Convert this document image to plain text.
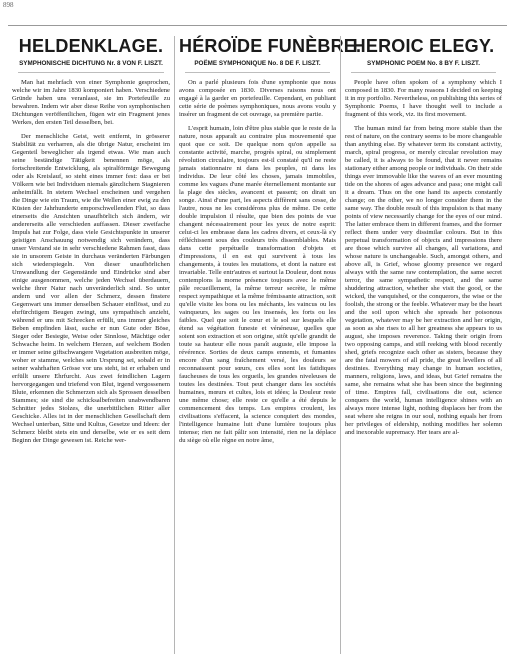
898
HELDENKLAGE.
SYMPHONISCHE DICHTUNG Nr. 8 VON F. LISZT.

Man hat mehrfach von einer Symphonie gesprochen, welche wir im Jahre 1830 komponiert haben. Verschiedene Gründe haben uns veranlasst, sie im Portefeuille zu bewahren. Indem wir aber diese Reihe von symphonischen Dichtungen veröffentlichen, fügen wir ein Fragment jenes Werkes, den ersten Teil desselben, bei.

Der menschliche Geist, weit entfernt, in grösserer Stabilität zu verharren, als die übrige Natur, erscheint im Gegenteil beweglicher als irgend etwas. Wie man auch seine beständige Tätigkeit benennen möge, als fortschreitende Entwicklung, als spiralförmige Bewegung oder als Kreislauf, so steht eines immer fest: dass er bei Völkern wie bei Individuen niemals gänzlichem Stagnieren anheimfällt. In stetem Wechsel erscheinen und vergehen die Dinge wie ein Traum, wie die Wellen einer ewig zu den Küsten der Jahrhunderte emporschwellenden Flut, so dass einerseits die Ansichten unaufhörlich sich ändern, wir andererseits alle verschieden auffassen. Dieser zweifache Impuls hat zur Folge, dass viele Gesichtspunkte in unserer geistigen Anschauung notwendig sich verändern, dass unser Verstand sie in sehr verschiedene Rahmen fasst, dass sie in unsorem Geiste in durchaus veränderten Färbungen sich wiederspiegeln. Von dieser unaufhörlichen Umwandlung der Gegenstände und Eindrücke sind aber einige ausgenommen, welche jeden Wechsel überdauern, welche ihrer Natur nach unveränderlich sind. So unter andern und vor allen der Schmerz, dessen finstere Gegenwart uns immer denselben Schauer einflösst, und zu ehrfürchtigem Beugen zwingt, uns sympathisch anzieht, während er uns mit Schrecken erfüllt, uns immer gleiches Beben empfinden lässt, suche er nun Gute oder Böse, Sieger oder Besiegte, Weise oder Sinnlose, Mächtige oder Schwache heim. In welchem Herzen, auf welchem Boden er immer seine giftschwangere Vegetation ausbreiten möge, woher er stamme, welches sein Ursprung sei, sobald er in seiner wahrhaften Grösse vor uns steht, ist er erhaben und erfüllt unsere Ehrfurcht. Aus zwei feindlichen Lagern hervorgegangen und triefend von Blut, irgend vergossenem Blute, erkennen die Schmerzen sich als Sprossen desselben Stammes; sie sind die schicksalbefreiten unabwendbaren Schnitter jedes Stolzes, die unerbittlichen Ritter aller Geschicke. Alles ist in der menschlichen Gesellschaft dem Wechsel unterban, Sitte und Kultus, Gesetze und Ideen: der Schmerz bleibt stets ein und derselbe, wie er es seit dem Beginn der Dinge gewesen ist. Reiche wer-

HÉROÏDE FUNÈBRE.
POËME SYMPHONIQUE No. 8 DE F. LISZT.

On a parlé plusieurs fois d'une symphonie que nous avons composée en 1830. Diverses raisons nous ont engagé à la garder en portefeuille. Cependant, en publiant cette série de poèmes symphoniques, nous avons voulu y insérer un fragment de cet ouvrage, sa première partie.

L'esprit humain, loin d'être plus stable que le reste de la nature, nous apparaît au contraire plus mouvementé que quoi que ce soit. De quelque nom qu'on appelle sa constante activité, marche, progrès spiral, ou simplement révolution circulaire, toujours est-il constaté qu'il ne reste jamais stationnaire ni dans les peuples, ni dans les individus. De leur côté les choses, jamais immobiles, comme les vagues d'une marée éternellement montante sur la plage des siècles, avancent et passent; on dirait un songe. Ainsi d'une part, les aspects diffèrent sans cesse, de l'autre, nous ne les considérons plus de même. De cette double impulsion il résulte, que bien des points de vue changent nécessairement pour les yeux de notre esprit: celui-ci les embrasse dans les cadres divers, et ceux-là s'y réfléchissent sous des couleurs très dissemblables. Mais dans cette perpétuelle transformation d'objets et d'impressions, il en est qui survivent à tous les changements, à toutes les mutations, et dont la nature est invariable. Telle entr'autres et surtout la Douleur, dont nous contemplons la morne présence toujours avec le même pâle recueillement, la même terreur secrète, le même respect sympathique et la même frémissante attraction, soit qu'elle visite les bons ou les méchants, les vaincus ou les vainqueurs, les sages ou les insensés, les forts ou les faibles. Quel que soit le cœur et le sol sur lesquels elle étend sa végétation funeste et vénéneuse, quelles que soient son extraction et son origine, sitôt qu'elle grandit de toute sa hauteur elle nous paraît auguste, elle impose la révérence. Sorties de deux camps ennemis, et fumantes encore d'un sang fraîchement versé, les douleurs se reconnaissent pour sœurs, ces elles sont les fatidiques faucheuses de tous les orgueils, les grandes niveleuses de toutes les destinées. Tout peut changer dans les sociétés humaines, mœurs et cultes, lois et idées; la Douleur reste une même chose; elle reste ce qu'elle a été depuis le commencement des temps. Les empires croulent, les civilisations s'effacent, la science conquiert des mondes, l'intelligence humaine luit d'une lumière toujours plus intense; rien ne fait pâlir son intensité, rien ne la déplace du siège où elle règne en notre âme,

HEROIC ELEGY.
SYMPHONIC POEM No. 8 BY F. LISZT.

People have often spoken of a symphony which I composed in 1830. For many reasons I decided on keeping it in my portfolio. Nevertheless, on publishing this series of Symphonic Poems, I have thought well to include a fragment of this work, viz. its first movement.

The human mind far from being more stable than the rest of nature, on the contrary seems to be more changeable than anything else. By whatever term its constant activity, march, spiral progress, or merely circular revolution may be called, it is always to be found, that it never remains stationary either among people or individuals. On their side things ever immovable like the waves of an ever mounting tide on the shores of ages advance and pass; one might call it a dream. Thus on the one hand its aspects constantly change; on the other, we no longer consider them in the same way. The double result of this impulsion is that many points of view necessarily change for the eyes of our mind. The latter embrace them in different frames, and the former reflect them under very dissimilar colours. But in this perpetual transformation of objects and impressions there are those which survive all changes, all variations, and whose nature is unchangeable. Such, amongst others, and above all, is Grief, whose gloomy presence we regard always with the same raw contemplation, the same secret terror, the same sympathetic respect, and the same shuddering attraction, whether she visit the good, or the wicked, the vanquished, or the conquerors, the wise or the foolish, the strong or the feeble. Whatever may be the heart and the soil upon which she spreads her poisonous vegetation, whatever may be her extraction and her origin, as soon as she rises to all her greatness she appears to us august, she imposes reverence. Taking their origin from two opposing camps, and still reeking with blood recently shed, griefs recognize each other as sisters, because they are the fatal mowers of all pride, the great levellers of all destinies. Everything may change in human societies, manners, religions, laws, and ideas, but Grief remains the same, she remains what she has been since the beginning of time. Empires fall, civilisations die out, science conquers the world, human intelligence shines with an always more intense light, nothing displaces her from the seat where she reigns in our soul, nothing equals her from her privileges of eldership, nothing modifies her solemn and inexorable supremacy. Her tears are al-
